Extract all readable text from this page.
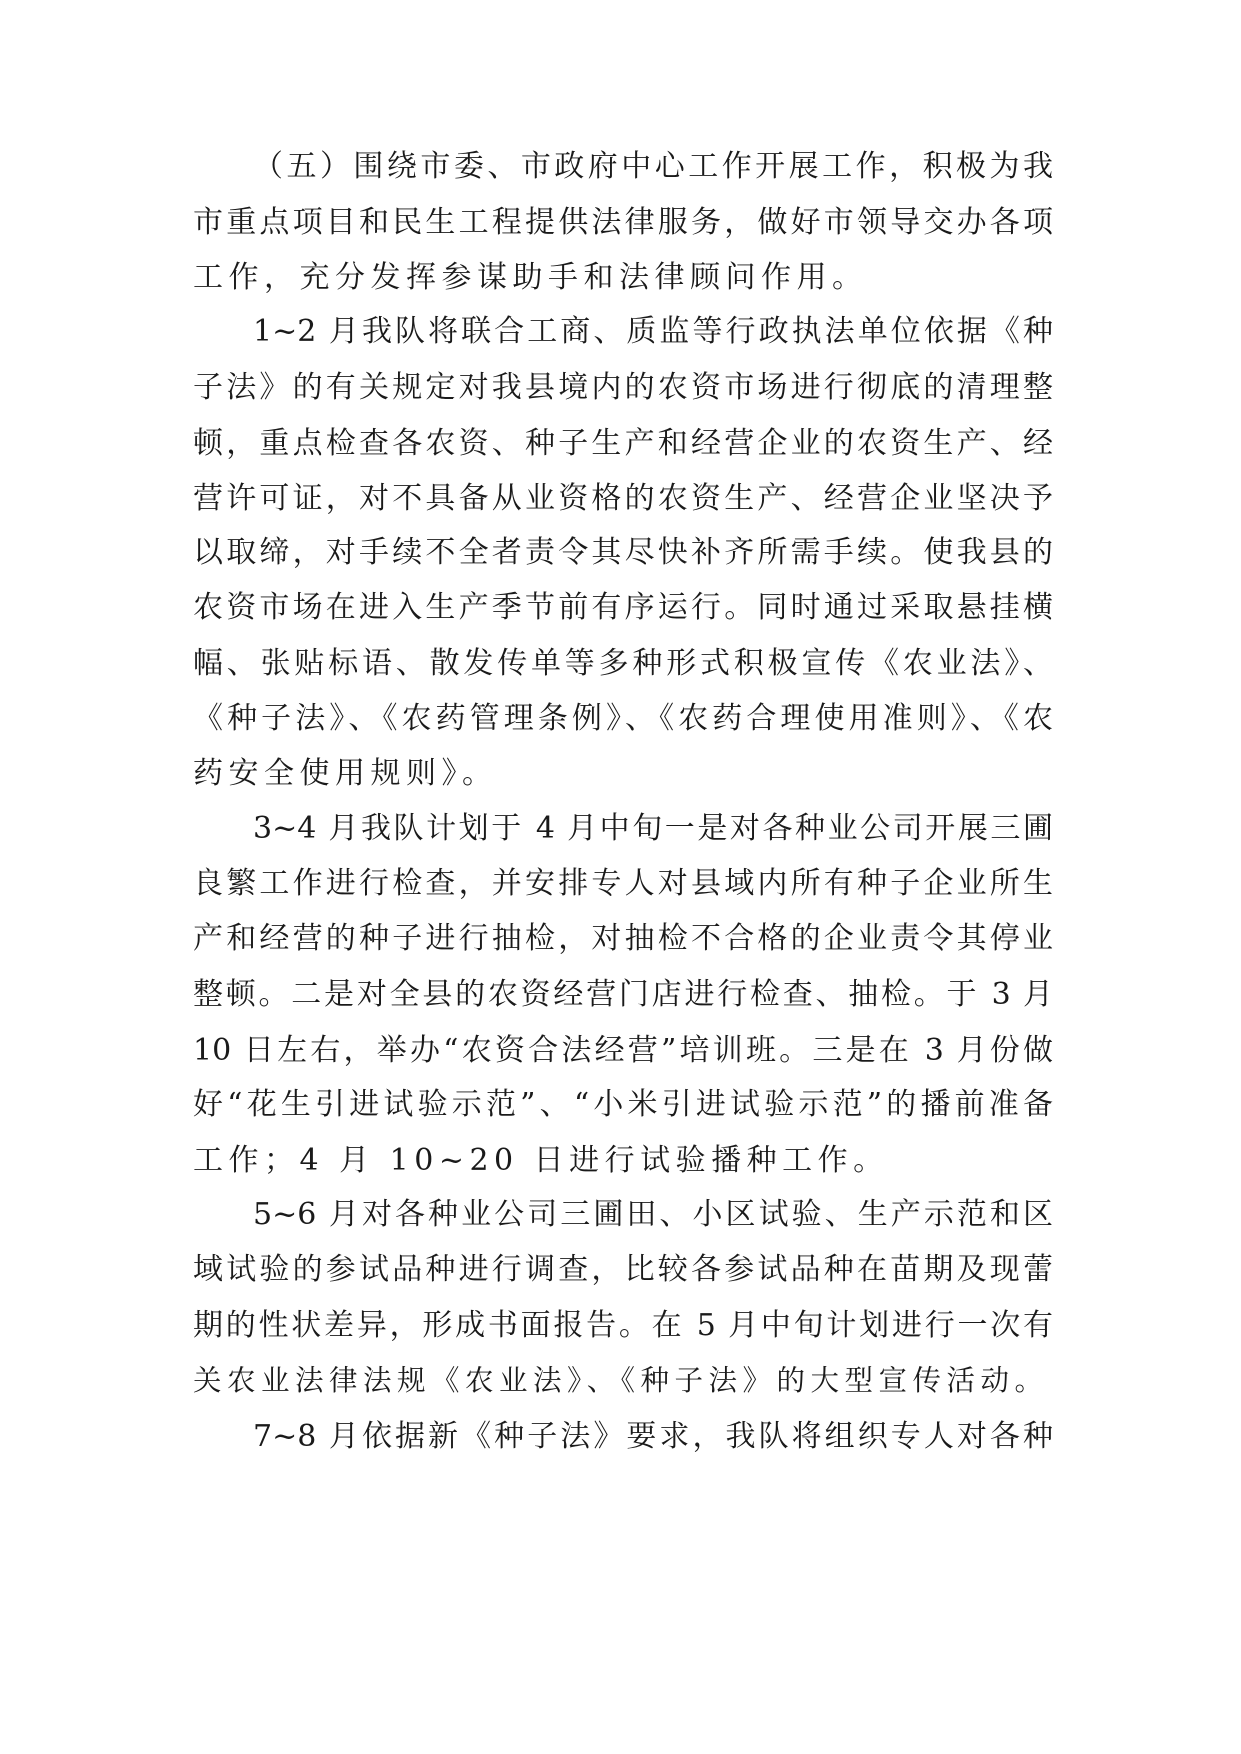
（五）围绕市委、市政府中心工作开展工作，积极为我
市重点项目和民生工程提供法律服务，做好市领导交办各项
工作，充分发挥参谋助手和法律顾问作用。
1~2 月我队将联合工商、质监等行政执法单位依据《种
子法》的有关规定对我县境内的农资市场进行彻底的清理整
顿，重点检查各农资、种子生产和经营企业的农资生产、经
营许可证，对不具备从业资格的农资生产、经营企业坚决予
以取缔，对手续不全者责令其尽快补齐所需手续。使我县的
农资市场在进入生产季节前有序运行。同时通过采取悬挂横
幅、张贴标语、散发传单等多种形式积极宣传《农业法》、
《种子法》、《农药管理条例》、《农药合理使用准则》、《农
药安全使用规则》。
3~4 月我队计划于 4 月中旬一是对各种业公司开展三圃
良繁工作进行检查，并安排专人对县域内所有种子企业所生
产和经营的种子进行抽检，对抽检不合格的企业责令其停业
整顿。二是对全县的农资经营门店进行检查、抽检。于 3 月
10 日左右，举办“农资合法经营”培训班。三是在 3 月份做
好“花生引进试验示范”、“小米引进试验示范”的播前准备
工作；4 月 10~20 日进行试验播种工作。
5~6 月对各种业公司三圃田、小区试验、生产示范和区
域试验的参试品种进行调查，比较各参试品种在苗期及现蕾
期的性状差异，形成书面报告。在 5 月中旬计划进行一次有
关农业法律法规《农业法》、《种子法》的大型宣传活动。
7~8 月依据新《种子法》要求，我队将组织专人对各种
